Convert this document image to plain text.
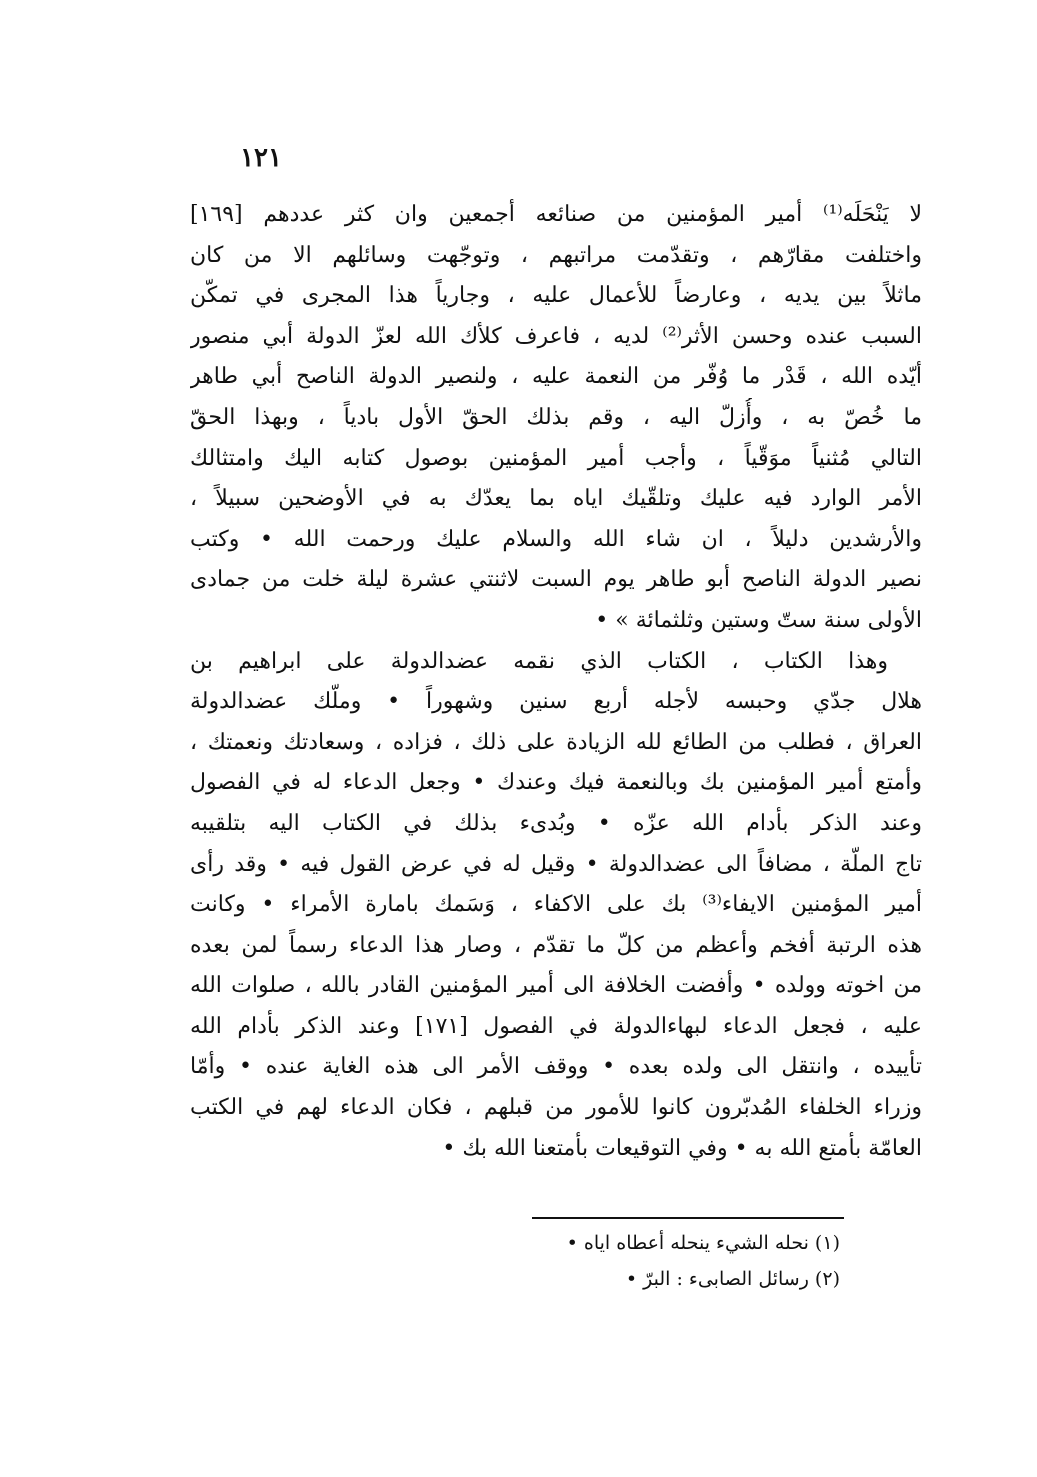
١٢١
لا يَنْحَلَه⁽¹⁾ أمير المؤمنين من صنائعه أجمعين وان كثر عددهم [١٦٩]
واختلفت مقارّهم ، وتقدّمت مراتبهم ، وتوجّهت وسائلهم الا من كان
ماثلاً بين يديه ، وعارضاً للأعمال عليه ، وجارياً هذا المجرى في تمكّن
السبب عنده وحسن الأثر⁽²⁾ لديه ، فاعرف كلأك الله لعزّ الدولة أبي منصور
أيّده الله ، قَدْر ما وُفّر من النعمة عليه ، ولنصير الدولة الناصح أبي طاهر
ما خُصّ به ، وأُزلّ اليه ، وقم بذلك الحقّ الأول بادياً ، وبهذا الحقّ
التالي مُثنياً موَقّياً ، وأجب أمير المؤمنين بوصول كتابه اليك وامتثالك
الأمر الوارد فيه عليك وتلقّيك اياه بما يعدّك به في الأوضحين سبيلاً ،
والأرشدين دليلاً ، ان شاء الله والسلام عليك ورحمت الله • وكتب
نصير الدولة الناصح أبو طاهر يوم السبت لاثنتي عشرة ليلة خلت من جمادى
الأولى سنة ستّ وستين وثلثمائة » •
وهذا الكتاب ، الكتاب الذي نقمه عضدالدولة على ابراهيم بن
هلال جدّي وحبسه لأجله أربع سنين وشهوراً • وملّك عضدالدولة
العراق ، فطلب من الطائع لله الزيادة على ذلك ، فزاده ، وسعادتك ونعمتك ،
وأمتع أمير المؤمنين بك وبالنعمة فيك وعندك • وجعل الدعاء له في الفصول
وعند الذكر بأدام الله عزّه • وبُدىء بذلك في الكتاب اليه بتلقيبه
تاج الملّة ، مضافاً الى عضدالدولة • وقيل له في عرض القول فيه • وقد رأى
أمير المؤمنين الايفاء⁽³⁾ بك على الاكفاء ، وَسَمك بامارة الأمراء • وكانت
هذه الرتبة أفخم وأعظم من كلّ ما تقدّم ، وصار هذا الدعاء رسماً لمن بعده
من اخوته وولده • وأفضت الخلافة الى أمير المؤمنين القادر بالله ، صلوات الله
عليه ، فجعل الدعاء لبهاءالدولة في الفصول [١٧١] وعند الذكر بأدام الله
تأييده ، وانتقل الى ولده بعده • ووقف الأمر الى هذه الغاية عنده • وأمّا
وزراء الخلفاء المُدبّرون كانوا للأمور من قبلهم ، فكان الدعاء لهم في الكتب
العامّة بأمتع الله به • وفي التوقيعات بأمتعنا الله بك •
(١) نحله الشيء ينحله أعطاه اياه •
(٢) رسائل الصابىء : البرّ •
